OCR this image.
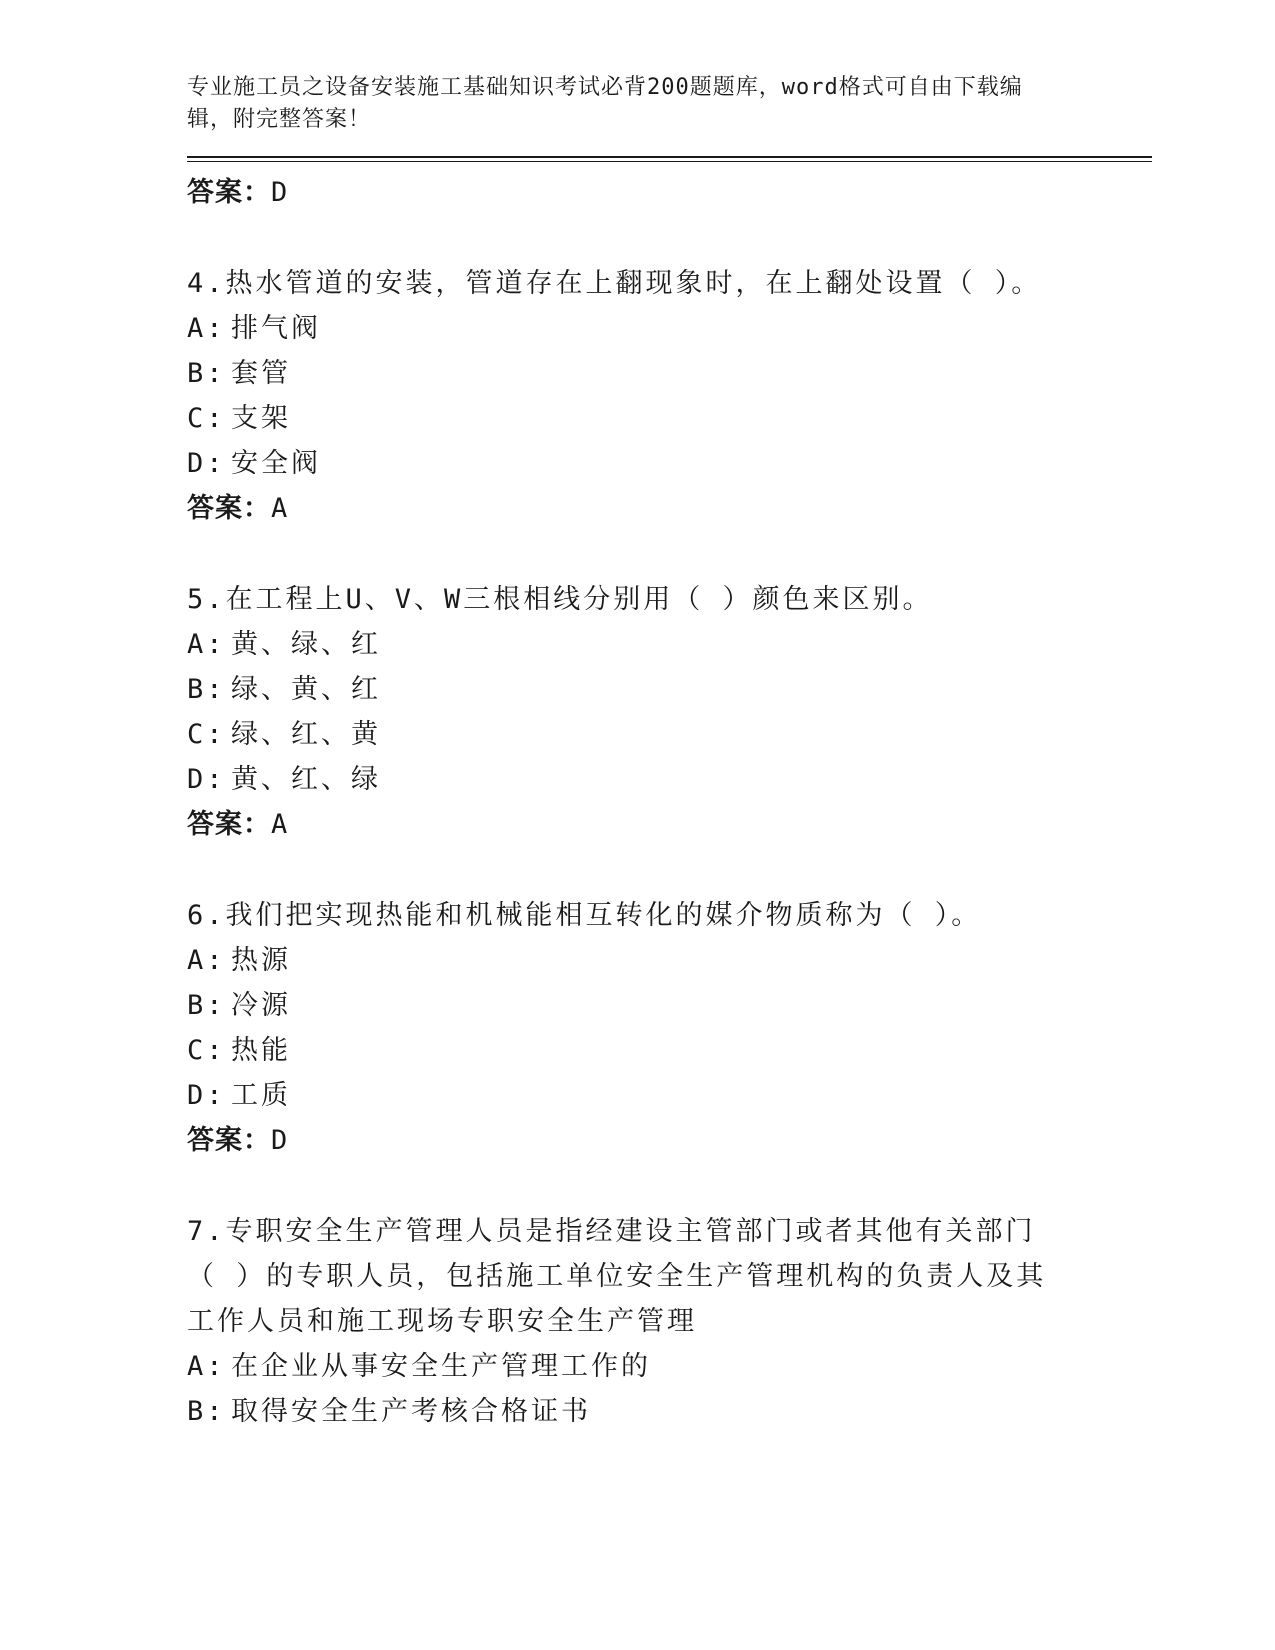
专业施工员之设备安装施工基础知识考试必背200题题库，word格式可自由下载编辑，附完整答案！

答案：D

4.热水管道的安装，管道存在上翻现象时，在上翻处设置（ ）。

A: 排气阀

B: 套管

C: 支架

D: 安全阀

答案：A

5.在工程上U、V、W三根相线分别用（ ）颜色来区别。

A: 黄、绿、红

B: 绿、黄、红

C: 绿、红、黄

D: 黄、红、绿

答案：A

6.我们把实现热能和机械能相互转化的媒介物质称为（ ）。

A: 热源

B: 冷源

C: 热能

D: 工质

答案：D

7.专职安全生产管理人员是指经建设主管部门或者其他有关部门（ ）的专职人员，包括施工单位安全生产管理机构的负责人及其工作人员和施工现场专职安全生产管理

A: 在企业从事安全生产管理工作的

B: 取得安全生产考核合格证书
